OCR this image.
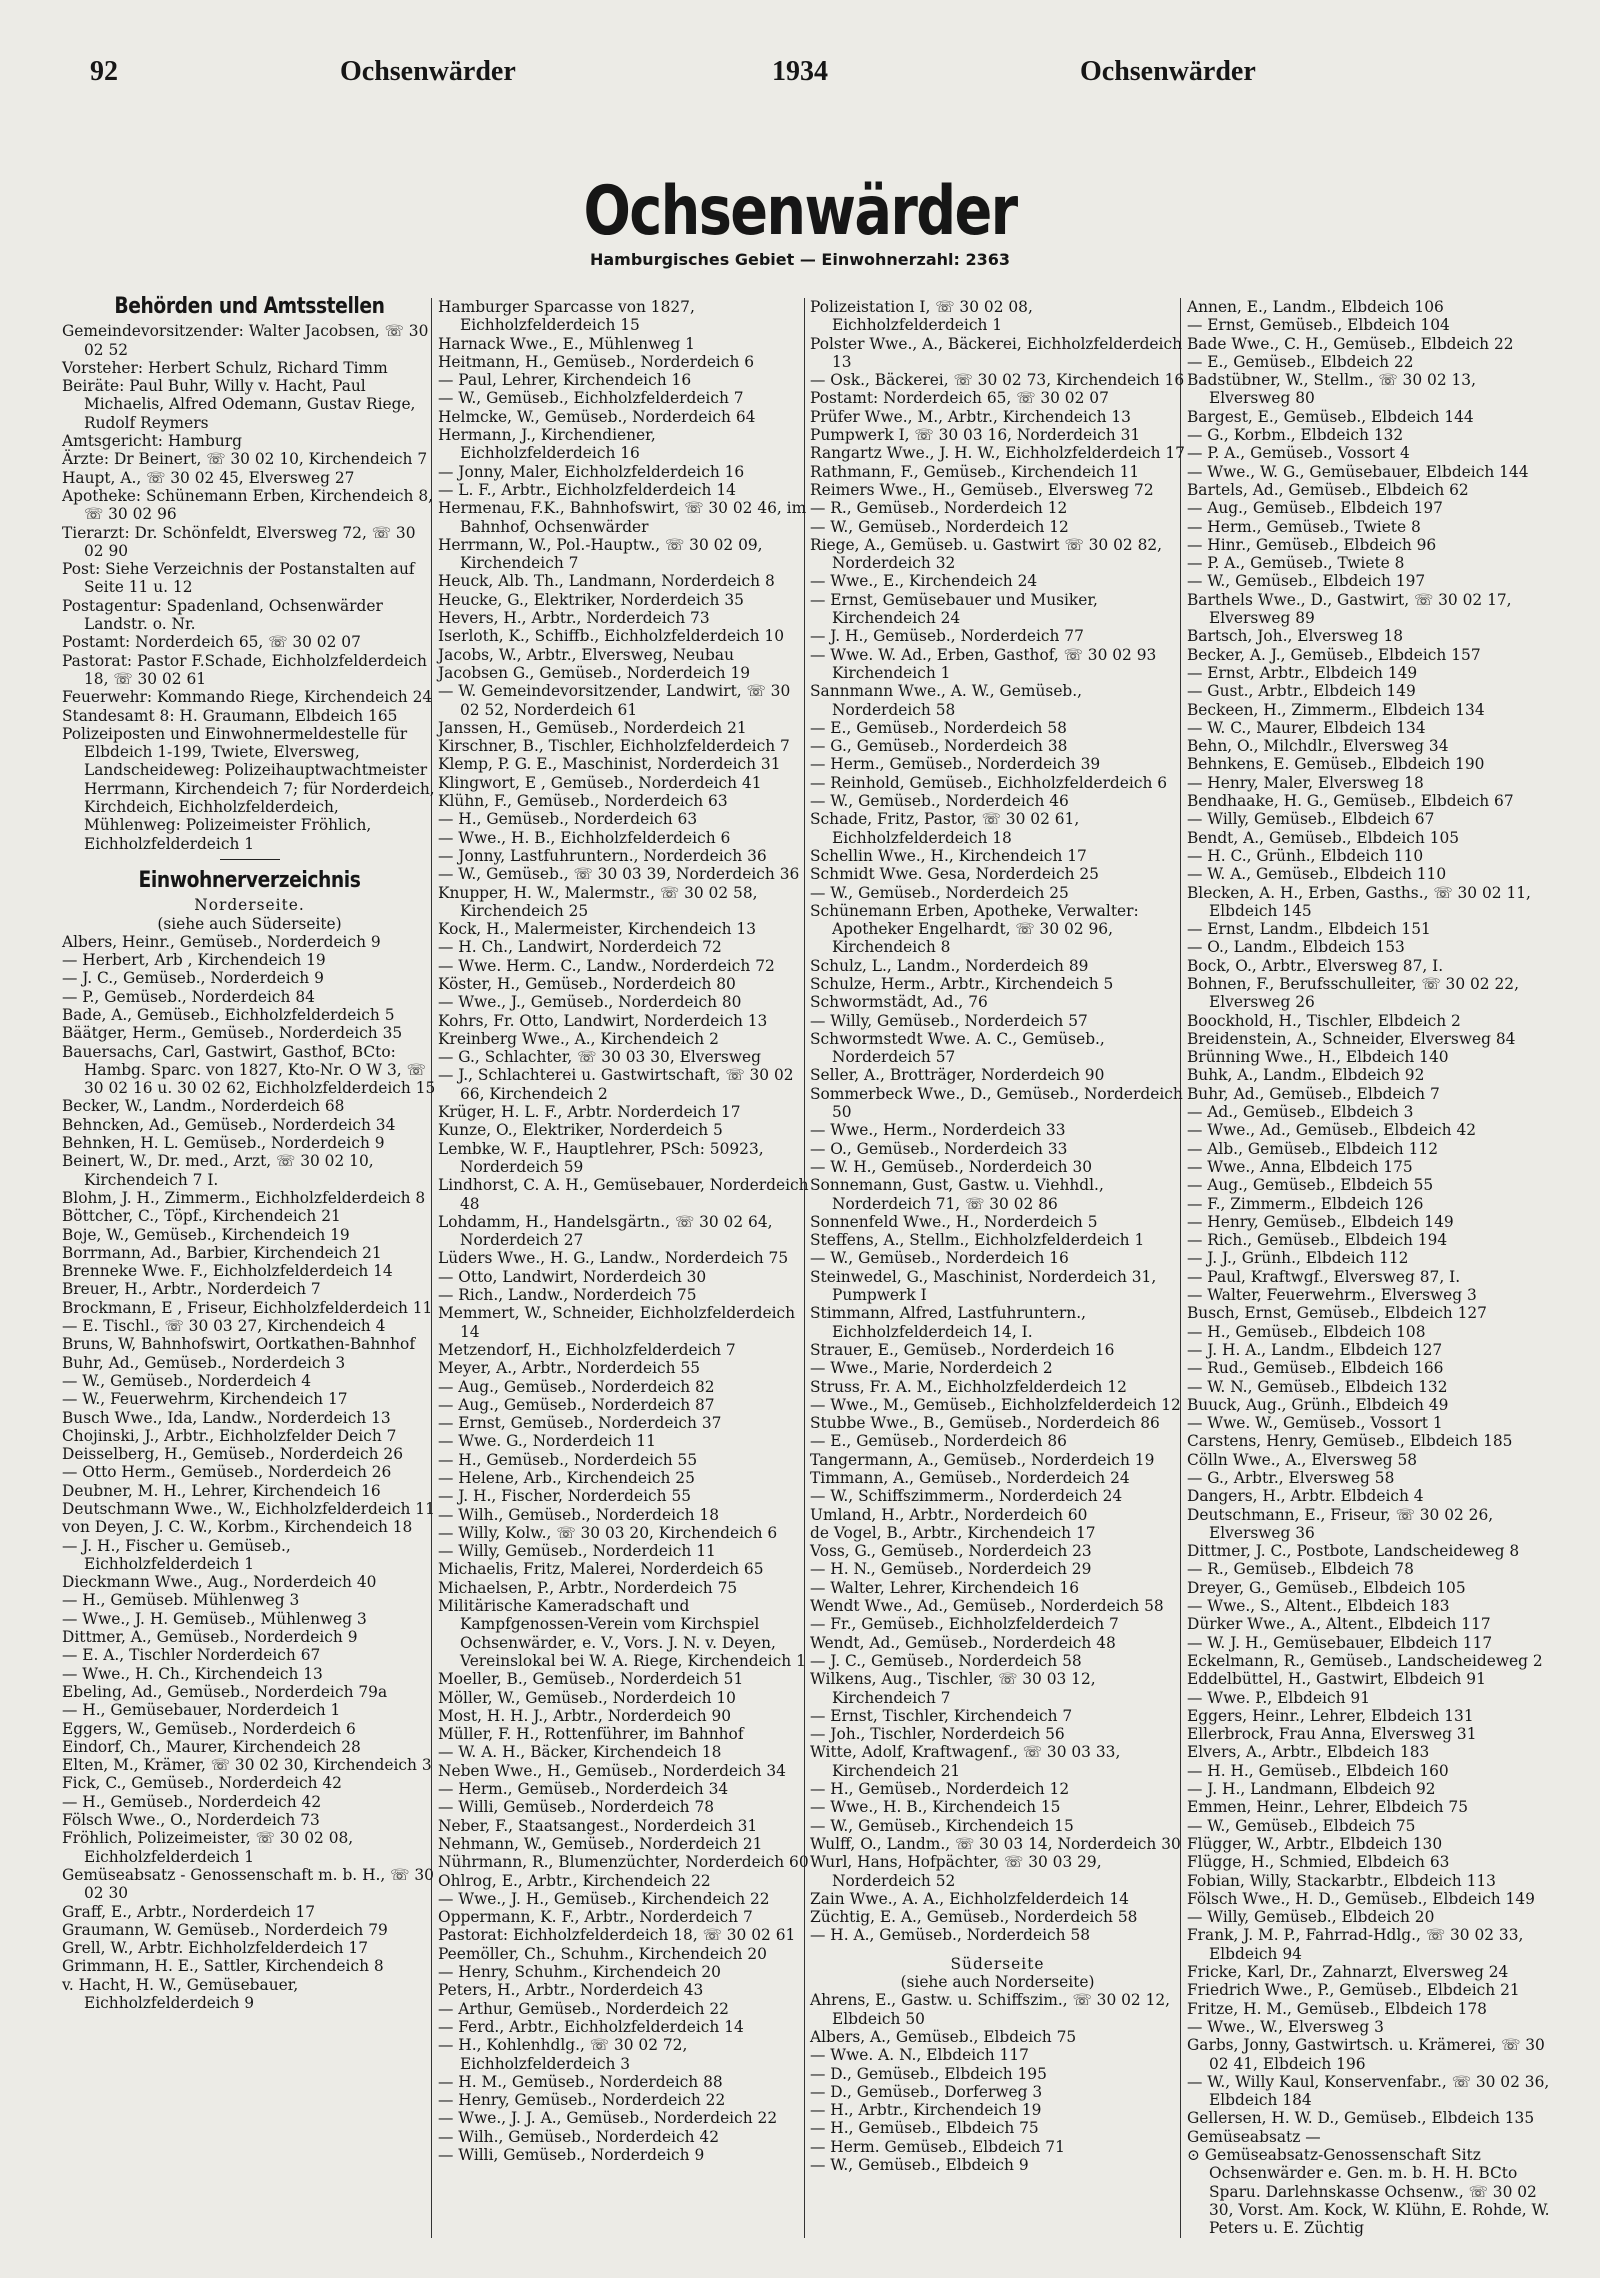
92	Ochsenwärder	1934	Ochsenwärder
Ochsenwärder
Hamburgisches Gebiet — Einwohnerzahl: 2363
Behörden und Amtsstellen
Gemeindevorsitzender: Walter Jacobsen, ☏ 30 02 52
Vorsteher: Herbert Schulz, Richard Timm
Beiräte: Paul Buhr, Willy v. Hacht, Paul Michaelis, Alfred Odemann, Gustav Riege, Rudolf Reymers
Amtsgericht: Hamburg
Ärzte: Dr Beinert, ☏ 30 02 10, Kirchendeich 7
Haupt, A., ☏ 30 02 45, Elversweg 27
Apotheke: Schünemann Erben, Kirchendeich 8, ☏ 30 02 96
Tierarzt: Dr. Schönfeldt, Elversweg 72, ☏ 30 02 90
Post: Siehe Verzeichnis der Postanstalten auf Seite 11 u. 12
Postagentur: Spadenland, Ochsenwärder Landstr. o. Nr.
Postamt: Norderdeich 65, ☏ 30 02 07
Pastorat: Pastor F.Schade, Eichholzfelderdeich 18, ☏ 30 02 61
Feuerwehr: Kommando Riege, Kirchendeich 24
Standesamt 8: H. Graumann, Elbdeich 165
Polizeiposten und Einwohnermeldestelle für Elbdeich 1-199, Twiete, Elversweg, Landscheideweg: Polizeihauptwachtmeister Herrmann, Kirchendeich 7; für Norderdeich, Kirchdeich, Eichholzfelderdeich, Mühlenweg: Polizeimeister Fröhlich, Eichholzfelderdeich 1
Einwohnerverzeichnis
Norderseite.
(siehe auch Süderseite)
Albers, Heinr., Gemüseb., Norderdeich 9
— Herbert, Arb , Kirchendeich 19
— J. C., Gemüseb., Norderdeich 9
— P., Gemüseb., Norderdeich 84
Bade, A., Gemüseb., Eichholzfelderdeich 5
Bäätger, Herm., Gemüseb., Norderdeich 35
Bauersachs, Carl, Gastwirt, Gasthof, BCto: Hambg. Sparc. von 1827, Kto-Nr. O W 3, ☏ 30 02 16 u. 30 02 62, Eichholzfelderdeich 15
Becker, W., Landm., Norderdeich 68
Behncken, Ad., Gemüseb., Norderdeich 34
Behnken, H. L. Gemüseb., Norderdeich 9
Beinert, W., Dr. med., Arzt, ☏ 30 02 10, Kirchendeich 7 I.
Blohm, J. H., Zimmerm., Eichholzfelderdeich 8
Böttcher, C., Töpf., Kirchendeich 21
Boje, W., Gemüseb., Kirchendeich 19
Borrmann, Ad., Barbier, Kirchendeich 21
Brenneke Wwe. F., Eichholzfelderdeich 14
Breuer, H., Arbtr., Norderdeich 7
Brockmann, E , Friseur, Eichholzfelderdeich 11
— E. Tischl., ☏ 30 03 27, Kirchendeich 4
Bruns, W, Bahnhofswirt, Oortkathen-Bahnhof
Buhr, Ad., Gemüseb., Norderdeich 3
— W., Gemüseb., Norderdeich 4
— W., Feuerwehrm, Kirchendeich 17
Busch Wwe., Ida, Landw., Norderdeich 13
Chojinski, J., Arbtr., Eichholzfelder Deich 7
Deisselberg, H., Gemüseb., Norderdeich 26
— Otto Herm., Gemüseb., Norderdeich 26
Deubner, M. H., Lehrer, Kirchendeich 16
Deutschmann Wwe., W., Eichholzfelderdeich 11
von Deyen, J. C. W., Korbm., Kirchendeich 18
— J. H., Fischer u. Gemüseb., Eichholzfelderdeich 1
Dieckmann Wwe., Aug., Norderdeich 40
— H., Gemüseb. Mühlenweg 3
— Wwe., J. H. Gemüseb., Mühlenweg 3
Dittmer, A., Gemüseb., Norderdeich 9
— E. A., Tischler Norderdeich 67
— Wwe., H. Ch., Kirchendeich 13
Ebeling, Ad., Gemüseb., Norderdeich 79a
— H., Gemüsebauer, Norderdeich 1
Eggers, W., Gemüseb., Norderdeich 6
Eindorf, Ch., Maurer, Kirchendeich 28
Elten, M., Krämer, ☏ 30 02 30, Kirchendeich 3
Fick, C., Gemüseb., Norderdeich 42
— H., Gemüseb., Norderdeich 42
Fölsch Wwe., O., Norderdeich 73
Fröhlich, Polizeimeister, ☏ 30 02 08, Eichholzfelderdeich 1
Gemüseabsatz - Genossenschaft m. b. H., ☏ 30 02 30
Graff, E., Arbtr., Norderdeich 17
Graumann, W. Gemüseb., Norderdeich 79
Grell, W., Arbtr. Eichholzfelderdeich 17
Grimmann, H. E., Sattler, Kirchendeich 8
v. Hacht, H. W., Gemüsebauer, Eichholzfelderdeich 9
Hamburger Sparcasse von 1827, Eichholzfelderdeich 15
Harnack Wwe., E., Mühlenweg 1
Heitmann, H., Gemüseb., Norderdeich 6
— Paul, Lehrer, Kirchendeich 16
— W., Gemüseb., Eichholzfelderdeich 7
Helmcke, W., Gemüseb., Norderdeich 64
Hermann, J., Kirchendiener, Eichholzfelderdeich 16
— Jonny, Maler, Eichholzfelderdeich 16
— L. F., Arbtr., Eichholzfelderdeich 14
Hermenau, F.K., Bahnhofswirt, ☏ 30 02 46, im Bahnhof, Ochsenwärder
Herrmann, W., Pol.-Hauptw., ☏ 30 02 09, Kirchendeich 7
Heuck, Alb. Th., Landmann, Norderdeich 8
Heucke, G., Elektriker, Norderdeich 35
Hevers, H., Arbtr., Norderdeich 73
Iserloth, K., Schiffb., Eichholzfelderdeich 10
Jacobs, W., Arbtr., Elversweg, Neubau
Jacobsen G., Gemüseb., Norderdeich 19
— W. Gemeindevorsitzender, Landwirt, ☏ 30 02 52, Norderdeich 61
Janssen, H., Gemüseb., Norderdeich 21
Kirschner, B., Tischler, Eichholzfelderdeich 7
Klemp, P. G. E., Maschinist, Norderdeich 31
Klingwort, E , Gemüseb., Norderdeich 41
Klühn, F., Gemüseb., Norderdeich 63
— H., Gemüseb., Norderdeich 63
— Wwe., H. B., Eichholzfelderdeich 6
— Jonny, Lastfuhruntern., Norderdeich 36
— W., Gemüseb., ☏ 30 03 39, Norderdeich 36
Knupper, H. W., Malermstr., ☏ 30 02 58, Kirchendeich 25
Kock, H., Malermeister, Kirchendeich 13
— H. Ch., Landwirt, Norderdeich 72
— Wwe. Herm. C., Landw., Norderdeich 72
Köster, H., Gemüseb., Norderdeich 80
— Wwe., J., Gemüseb., Norderdeich 80
Kohrs, Fr. Otto, Landwirt, Norderdeich 13
Kreinberg Wwe., A., Kirchendeich 2
— G., Schlachter, ☏ 30 03 30, Elversweg
— J., Schlachterei u. Gastwirtschaft, ☏ 30 02 66, Kirchendeich 2
Krüger, H. L. F., Arbtr. Norderdeich 17
Kunze, O., Elektriker, Norderdeich 5
Lembke, W. F., Hauptlehrer, PSch: 50923, Norderdeich 59
Lindhorst, C. A. H., Gemüsebauer, Norderdeich 48
Lohdamm, H., Handelsgärtn., ☏ 30 02 64, Norderdeich 27
Lüders Wwe., H. G., Landw., Norderdeich 75
— Otto, Landwirt, Norderdeich 30
— Rich., Landw., Norderdeich 75
Memmert, W., Schneider, Eichholzfelderdeich 14
Metzendorf, H., Eichholzfelderdeich 7
Meyer, A., Arbtr., Norderdeich 55
— Aug., Gemüseb., Norderdeich 82
— Aug., Gemüseb., Norderdeich 87
— Ernst, Gemüseb., Norderdeich 37
— Wwe. G., Norderdeich 11
— H., Gemüseb., Norderdeich 55
— Helene, Arb., Kirchendeich 25
— J. H., Fischer, Norderdeich 55
— Wilh., Gemüseb., Norderdeich 18
— Willy, Kolw., ☏ 30 03 20, Kirchendeich 6
— Willy, Gemüseb., Norderdeich 11
Michaelis, Fritz, Malerei, Norderdeich 65
Michaelsen, P., Arbtr., Norderdeich 75
Militärische Kameradschaft und Kampfgenossen-Verein vom Kirchspiel Ochsenwärder, e. V., Vors. J. N. v. Deyen, Vereinslokal bei W. A. Riege, Kirchendeich 1
Moeller, B., Gemüseb., Norderdeich 51
Möller, W., Gemüseb., Norderdeich 10
Most, H. H. J., Arbtr., Norderdeich 90
Müller, F. H., Rottenführer, im Bahnhof
— W. A. H., Bäcker, Kirchendeich 18
Neben Wwe., H., Gemüseb., Norderdeich 34
— Herm., Gemüseb., Norderdeich 34
— Willi, Gemüseb., Norderdeich 78
Neber, F., Staatsangest., Norderdeich 31
Nehmann, W., Gemüseb., Norderdeich 21
Nührmann, R., Blumenzüchter, Norderdeich 60
Ohlrog, E., Arbtr., Kirchendeich 22
— Wwe., J. H., Gemüseb., Kirchendeich 22
Oppermann, K. F., Arbtr., Norderdeich 7
Pastorat: Eichholzfelderdeich 18, ☏ 30 02 61
Peemöller, Ch., Schuhm., Kirchendeich 20
— Henry, Schuhm., Kirchendeich 20
Peters, H., Arbtr., Norderdeich 43
— Arthur, Gemüseb., Norderdeich 22
— Ferd., Arbtr., Eichholzfelderdeich 14
— H., Kohlenhdlg., ☏ 30 02 72, Eichholzfelderdeich 3
— H. M., Gemüseb., Norderdeich 88
— Henry, Gemüseb., Norderdeich 22
— Wwe., J. J. A., Gemüseb., Norderdeich 22
— Wilh., Gemüseb., Norderdeich 42
— Willi, Gemüseb., Norderdeich 9
Polizeistation I, ☏ 30 02 08, Eichholzfelderdeich 1
Polster Wwe., A., Bäckerei, Eichholzfelderdeich 13
— Osk., Bäckerei, ☏ 30 02 73, Kirchendeich 16
Postamt: Norderdeich 65, ☏ 30 02 07
Prüfer Wwe., M., Arbtr., Kirchendeich 13
Pumpwerk I, ☏ 30 03 16, Norderdeich 31
Rangartz Wwe., J. H. W., Eichholzfelderdeich 17
Rathmann, F., Gemüseb., Kirchendeich 11
Reimers Wwe., H., Gemüseb., Elversweg 72
— R., Gemüseb., Norderdeich 12
— W., Gemüseb., Norderdeich 12
Riege, A., Gemüseb. u. Gastwirt ☏ 30 02 82, Norderdeich 32
— Wwe., E., Kirchendeich 24
— Ernst, Gemüsebauer und Musiker, Kirchendeich 24
— J. H., Gemüseb., Norderdeich 77
— Wwe. W. Ad., Erben, Gasthof, ☏ 30 02 93 Kirchendeich 1
Sannmann Wwe., A. W., Gemüseb., Norderdeich 58
— E., Gemüseb., Norderdeich 58
— G., Gemüseb., Norderdeich 38
— Herm., Gemüseb., Norderdeich 39
— Reinhold, Gemüseb., Eichholzfelderdeich 6
— W., Gemüseb., Norderdeich 46
Schade, Fritz, Pastor, ☏ 30 02 61, Eichholzfelderdeich 18
Schellin Wwe., H., Kirchendeich 17
Schmidt Wwe. Gesa, Norderdeich 25
— W., Gemüseb., Norderdeich 25
Schünemann Erben, Apotheke, Verwalter: Apotheker Engelhardt, ☏ 30 02 96, Kirchendeich 8
Schulz, L., Landm., Norderdeich 89
Schulze, Herm., Arbtr., Kirchendeich 5
Schwormstädt, Ad., 76
— Willy, Gemüseb., Norderdeich 57
Schwormstedt Wwe. A. C., Gemüseb., Norderdeich 57
Seller, A., Brotträger, Norderdeich 90
Sommerbeck Wwe., D., Gemüseb., Norderdeich 50
— Wwe., Herm., Norderdeich 33
— O., Gemüseb., Norderdeich 33
— W. H., Gemüseb., Norderdeich 30
Sonnemann, Gust, Gastw. u. Viehhdl., Norderdeich 71, ☏ 30 02 86
Sonnenfeld Wwe., H., Norderdeich 5
Steffens, A., Stellm., Eichholzfelderdeich 1
— W., Gemüseb., Norderdeich 16
Steinwedel, G., Maschinist, Norderdeich 31, Pumpwerk I
Stimmann, Alfred, Lastfuhruntern., Eichholzfelderdeich 14, I.
Strauer, E., Gemüseb., Norderdeich 16
— Wwe., Marie, Norderdeich 2
Struss, Fr. A. M., Eichholzfelderdeich 12
— Wwe., M., Gemüseb., Eichholzfelderdeich 12
Stubbe Wwe., B., Gemüseb., Norderdeich 86
— E., Gemüseb., Norderdeich 86
Tangermann, A., Gemüseb., Norderdeich 19
Timmann, A., Gemüseb., Norderdeich 24
— W., Schiffszimmerm., Norderdeich 24
Umland, H., Arbtr., Norderdeich 60
de Vogel, B., Arbtr., Kirchendeich 17
Voss, G., Gemüseb., Norderdeich 23
— H. N., Gemüseb., Norderdeich 29
— Walter, Lehrer, Kirchendeich 16
Wendt Wwe., Ad., Gemüseb., Norderdeich 58
— Fr., Gemüseb., Eichholzfelderdeich 7
Wendt, Ad., Gemüseb., Norderdeich 48
— J. C., Gemüseb., Norderdeich 58
Wilkens, Aug., Tischler, ☏ 30 03 12, Kirchendeich 7
— Ernst, Tischler, Kirchendeich 7
— Joh., Tischler, Norderdeich 56
Witte, Adolf, Kraftwagenf., ☏ 30 03 33, Kirchendeich 21
— H., Gemüseb., Norderdeich 12
— Wwe., H. B., Kirchendeich 15
— W., Gemüseb., Kirchendeich 15
Wulff, O., Landm., ☏ 30 03 14, Norderdeich 30
Wurl, Hans, Hofpächter, ☏ 30 03 29, Norderdeich 52
Zain Wwe., A. A., Eichholzfelderdeich 14
Züchtig, E. A., Gemüseb., Norderdeich 58
— H. A., Gemüseb., Norderdeich 58
Süderseite
(siehe auch Norderseite)
Ahrens, E., Gastw. u. Schiffszim., ☏ 30 02 12, Elbdeich 50
Albers, A., Gemüseb., Elbdeich 75
— Wwe. A. N., Elbdeich 117
— D., Gemüseb., Elbdeich 195
— D., Gemüseb., Dorferweg 3
— H., Arbtr., Kirchendeich 19
— H., Gemüseb., Elbdeich 75
— Herm. Gemüseb., Elbdeich 71
— W., Gemüseb., Elbdeich 9
Annen, E., Landm., Elbdeich 106
— Ernst, Gemüseb., Elbdeich 104
Bade Wwe., C. H., Gemüseb., Elbdeich 22
— E., Gemüseb., Elbdeich 22
Badstübner, W., Stellm., ☏ 30 02 13, Elversweg 80
Bargest, E., Gemüseb., Elbdeich 144
— G., Korbm., Elbdeich 132
— P. A., Gemüseb., Vossort 4
— Wwe., W. G., Gemüsebauer, Elbdeich 144
Bartels, Ad., Gemüseb., Elbdeich 62
— Aug., Gemüseb., Elbdeich 197
— Herm., Gemüseb., Twiete 8
— Hinr., Gemüseb., Elbdeich 96
— P. A., Gemüseb., Twiete 8
— W., Gemüseb., Elbdeich 197
Barthels Wwe., D., Gastwirt, ☏ 30 02 17, Elversweg 89
Bartsch, Joh., Elversweg 18
Becker, A. J., Gemüseb., Elbdeich 157
— Ernst, Arbtr., Elbdeich 149
— Gust., Arbtr., Elbdeich 149
Beckeen, H., Zimmerm., Elbdeich 134
— W. C., Maurer, Elbdeich 134
Behn, O., Milchdlr., Elversweg 34
Behnkens, E. Gemüseb., Elbdeich 190
— Henry, Maler, Elversweg 18
Bendhaake, H. G., Gemüseb., Elbdeich 67
— Willy, Gemüseb., Elbdeich 67
Bendt, A., Gemüseb., Elbdeich 105
— H. C., Grünh., Elbdeich 110
— W. A., Gemüseb., Elbdeich 110
Blecken, A. H., Erben, Gasths., ☏ 30 02 11, Elbdeich 145
— Ernst, Landm., Elbdeich 151
— O., Landm., Elbdeich 153
Bock, O., Arbtr., Elversweg 87, I.
Bohnen, F., Berufsschulleiter, ☏ 30 02 22, Elversweg 26
Boockhold, H., Tischler, Elbdeich 2
Breidenstein, A., Schneider, Elversweg 84
Brünning Wwe., H., Elbdeich 140
Buhk, A., Landm., Elbdeich 92
Buhr, Ad., Gemüseb., Elbdeich 7
— Ad., Gemüseb., Elbdeich 3
— Wwe., Ad., Gemüseb., Elbdeich 42
— Alb., Gemüseb., Elbdeich 112
— Wwe., Anna, Elbdeich 175
— Aug., Gemüseb., Elbdeich 55
— F., Zimmerm., Elbdeich 126
— Henry, Gemüseb., Elbdeich 149
— Rich., Gemüseb., Elbdeich 194
— J. J., Grünh., Elbdeich 112
— Paul, Kraftwgf., Elversweg 87, I.
— Walter, Feuerwehrm., Elversweg 3
Busch, Ernst, Gemüseb., Elbdeich 127
— H., Gemüseb., Elbdeich 108
— J. H. A., Landm., Elbdeich 127
— Rud., Gemüseb., Elbdeich 166
— W. N., Gemüseb., Elbdeich 132
Buuck, Aug., Grünh., Elbdeich 49
— Wwe. W., Gemüseb., Vossort 1
Carstens, Henry, Gemüseb., Elbdeich 185
Cölln Wwe., A., Elversweg 58
— G., Arbtr., Elversweg 58
Dangers, H., Arbtr. Elbdeich 4
Deutschmann, E., Friseur, ☏ 30 02 26, Elversweg 36
Dittmer, J. C., Postbote, Landscheideweg 8
— R., Gemüseb., Elbdeich 78
Dreyer, G., Gemüseb., Elbdeich 105
— Wwe., S., Altent., Elbdeich 183
Dürker Wwe., A., Altent., Elbdeich 117
— W. J. H., Gemüsebauer, Elbdeich 117
Eckelmann, R., Gemüseb., Landscheideweg 2
Eddelbüttel, H., Gastwirt, Elbdeich 91
— Wwe. P., Elbdeich 91
Eggers, Heinr., Lehrer, Elbdeich 131
Ellerbrock, Frau Anna, Elversweg 31
Elvers, A., Arbtr., Elbdeich 183
— H. H., Gemüseb., Elbdeich 160
— J. H., Landmann, Elbdeich 92
Emmen, Heinr., Lehrer, Elbdeich 75
— W., Gemüseb., Elbdeich 75
Flügger, W., Arbtr., Elbdeich 130
Flügge, H., Schmied, Elbdeich 63
Fobian, Willy, Stackarbtr., Elbdeich 113
Fölsch Wwe., H. D., Gemüseb., Elbdeich 149
— Willy, Gemüseb., Elbdeich 20
Frank, J. M. P., Fahrrad-Hdlg., ☏ 30 02 33, Elbdeich 94
Fricke, Karl, Dr., Zahnarzt, Elversweg 24
Friedrich Wwe., P., Gemüseb., Elbdeich 21
Fritze, H. M., Gemüseb., Elbdeich 178
— Wwe., W., Elversweg 3
Garbs, Jonny, Gastwirtsch. u. Krämerei, ☏ 30 02 41, Elbdeich 196
— W., Willy Kaul, Konservenfabr., ☏ 30 02 36, Elbdeich 184
Gellersen, H. W. D., Gemüseb., Elbdeich 135
Gemüseabsatz —
⊙ Gemüseabsatz-Genossenschaft Sitz Ochsenwärder e. Gen. m. b. H. H. BCto Sparu. Darlehnskasse Ochsenw., ☏ 30 02 30, Vorst. Am. Kock, W. Klühn, E. Rohde, W. Peters u. E. Züchtig
